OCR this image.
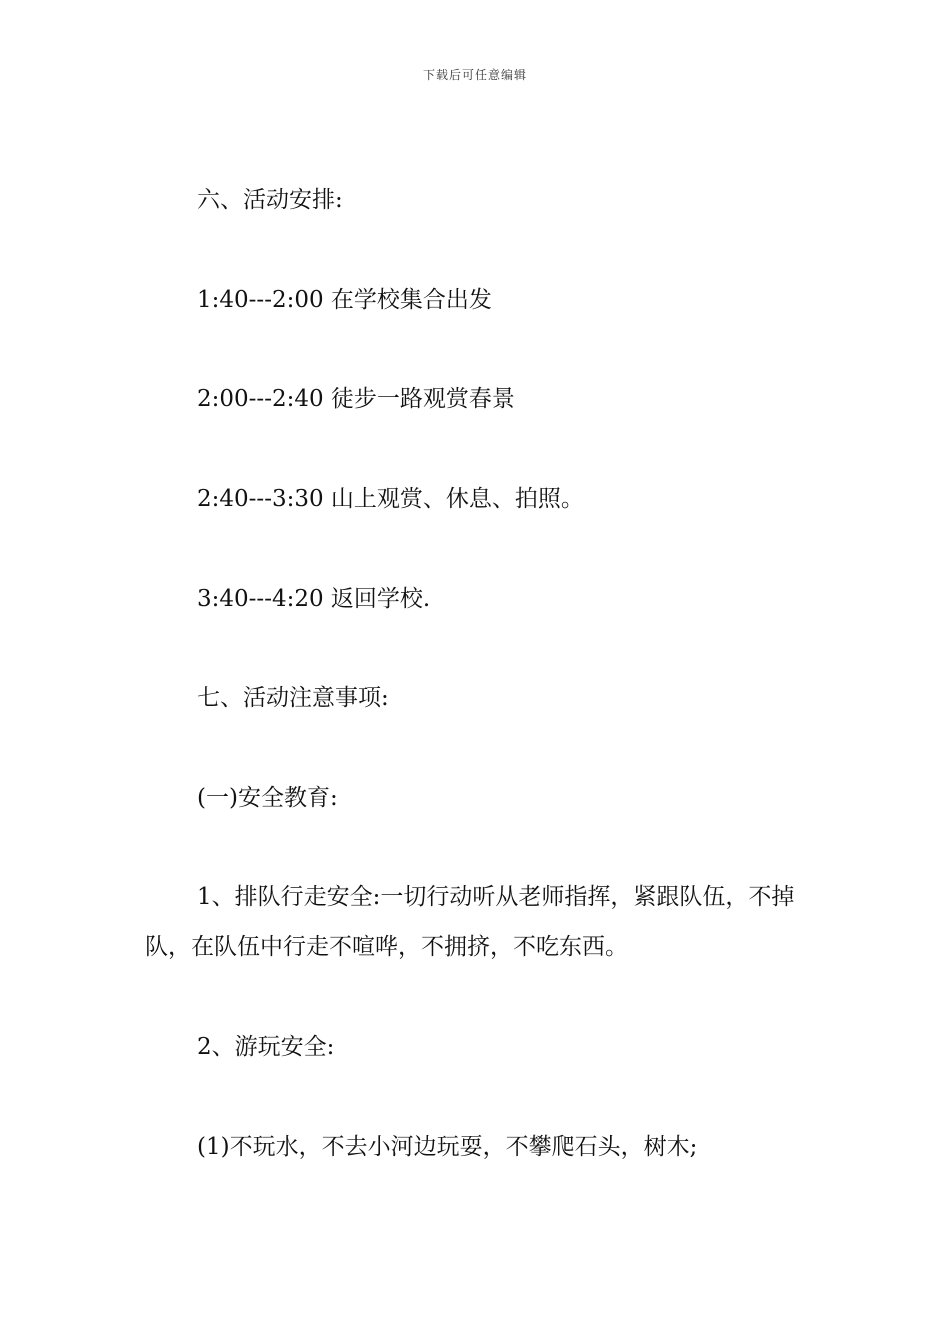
下载后可任意编辑

六、活动安排:

1:40---2:00 在学校集合出发

2:00---2:40 徒步一路观赏春景

2:40---3:30 山上观赏、休息、拍照。

3:40---4:20 返回学校.

七、活动注意事项:

(一)安全教育:

1、排队行走安全:一切行动听从老师指挥，紧跟队伍，不掉队，在队伍中行走不喧哗，不拥挤，不吃东西。

2、游玩安全:

(1)不玩水，不去小河边玩耍，不攀爬石头，树木;
